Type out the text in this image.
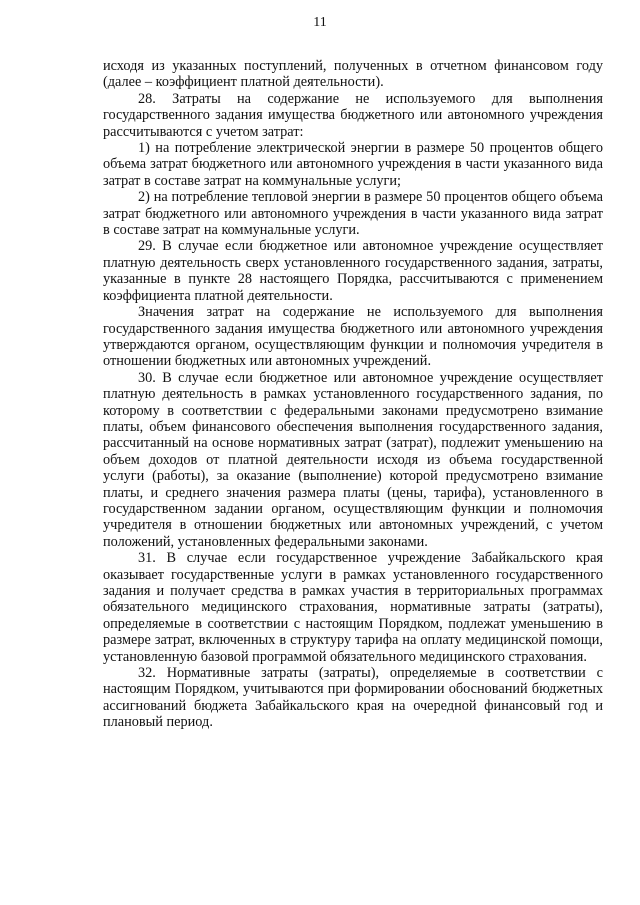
11

исходя из указанных поступлений, полученных в отчетном финансовом году (далее – коэффициент платной деятельности).

28. Затраты на содержание не используемого для выполнения государственного задания имущества бюджетного или автономного учреждения рассчитываются с учетом затрат:

1) на потребление электрической энергии в размере 50 процентов общего объема затрат бюджетного или автономного учреждения в части указанного вида затрат в составе затрат на коммунальные услуги;

2) на потребление тепловой энергии в размере 50 процентов общего объема затрат бюджетного или автономного учреждения в части указанного вида затрат в составе затрат на коммунальные услуги.

29. В случае если бюджетное или автономное учреждение осуществляет платную деятельность сверх установленного государственного задания, затраты, указанные в пункте 28 настоящего Порядка, рассчитываются с применением коэффициента платной деятельности.

Значения затрат на содержание не используемого для выполнения государственного задания имущества бюджетного или автономного учреждения утверждаются органом, осуществляющим функции и полномочия учредителя в отношении бюджетных или автономных учреждений.

30. В случае если бюджетное или автономное учреждение осуществляет платную деятельность в рамках установленного государственного задания, по которому в соответствии с федеральными законами предусмотрено взимание платы, объем финансового обеспечения выполнения государственного задания, рассчитанный на основе нормативных затрат (затрат), подлежит уменьшению на объем доходов от платной деятельности исходя из объема государственной услуги (работы), за оказание (выполнение) которой предусмотрено взимание платы, и среднего значения размера платы (цены, тарифа), установленного в государственном задании органом, осуществляющим функции и полномочия учредителя в отношении бюджетных или автономных учреждений, с учетом положений, установленных федеральными законами.

31. В случае если государственное учреждение Забайкальского края оказывает государственные услуги в рамках установленного государственного задания и получает средства в рамках участия в территориальных программах обязательного медицинского страхования, нормативные затраты (затраты), определяемые в соответствии с настоящим Порядком, подлежат уменьшению в размере затрат, включенных в структуру тарифа на оплату медицинской помощи, установленную базовой программой обязательного медицинского страхования.

32. Нормативные затраты (затраты), определяемые в соответствии с настоящим Порядком, учитываются при формировании обоснований бюджетных ассигнований бюджета Забайкальского края на очередной финансовый год и плановый период.
